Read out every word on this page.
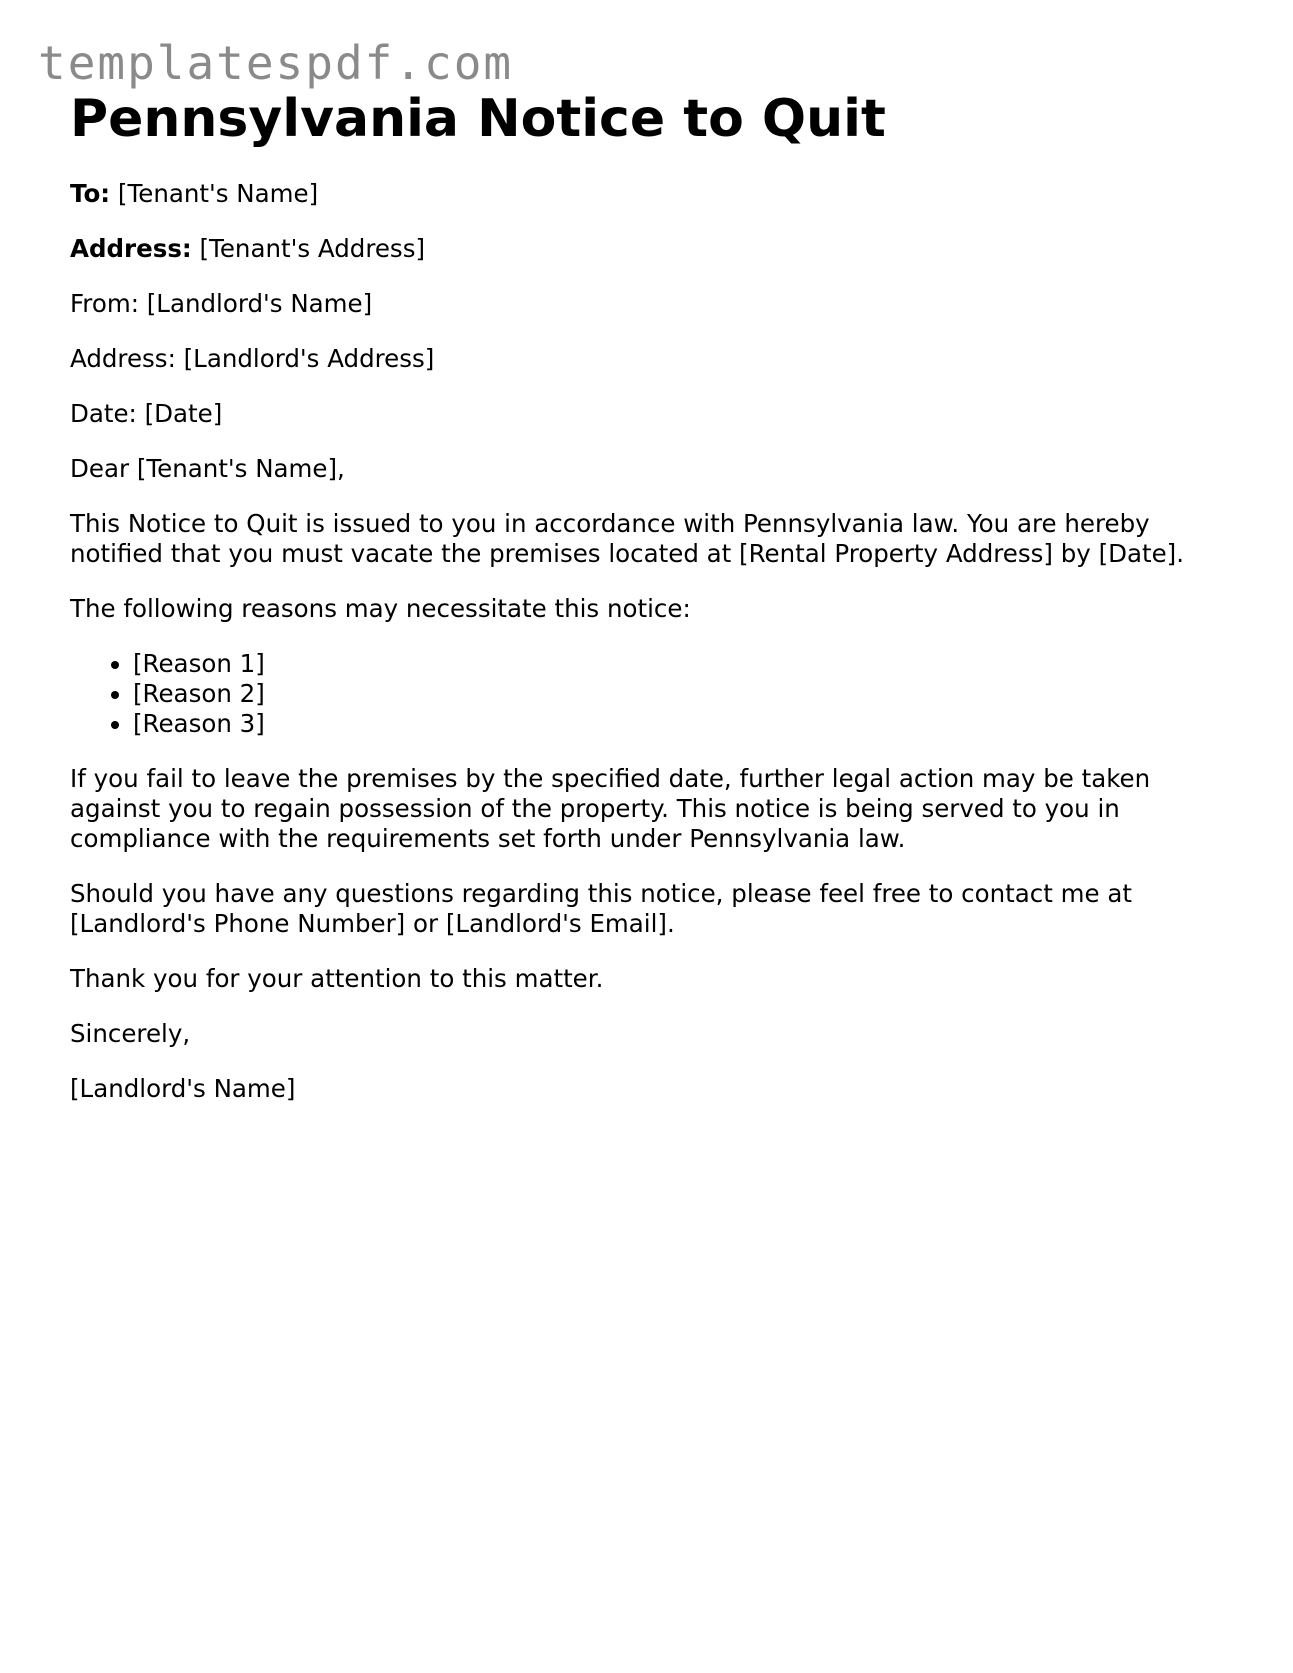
templatespdf.com
Pennsylvania Notice to Quit

To: [Tenant's Name]

Address: [Tenant's Address]

From: [Landlord's Name]

Address: [Landlord's Address]

Date: [Date]

Dear [Tenant's Name],

This Notice to Quit is issued to you in accordance with Pennsylvania law. You are hereby notified that you must vacate the premises located at [Rental Property Address] by [Date].

The following reasons may necessitate this notice:

• [Reason 1]
• [Reason 2]
• [Reason 3]

If you fail to leave the premises by the specified date, further legal action may be taken against you to regain possession of the property. This notice is being served to you in compliance with the requirements set forth under Pennsylvania law.

Should you have any questions regarding this notice, please feel free to contact me at [Landlord's Phone Number] or [Landlord's Email].

Thank you for your attention to this matter.

Sincerely,

[Landlord's Name]
